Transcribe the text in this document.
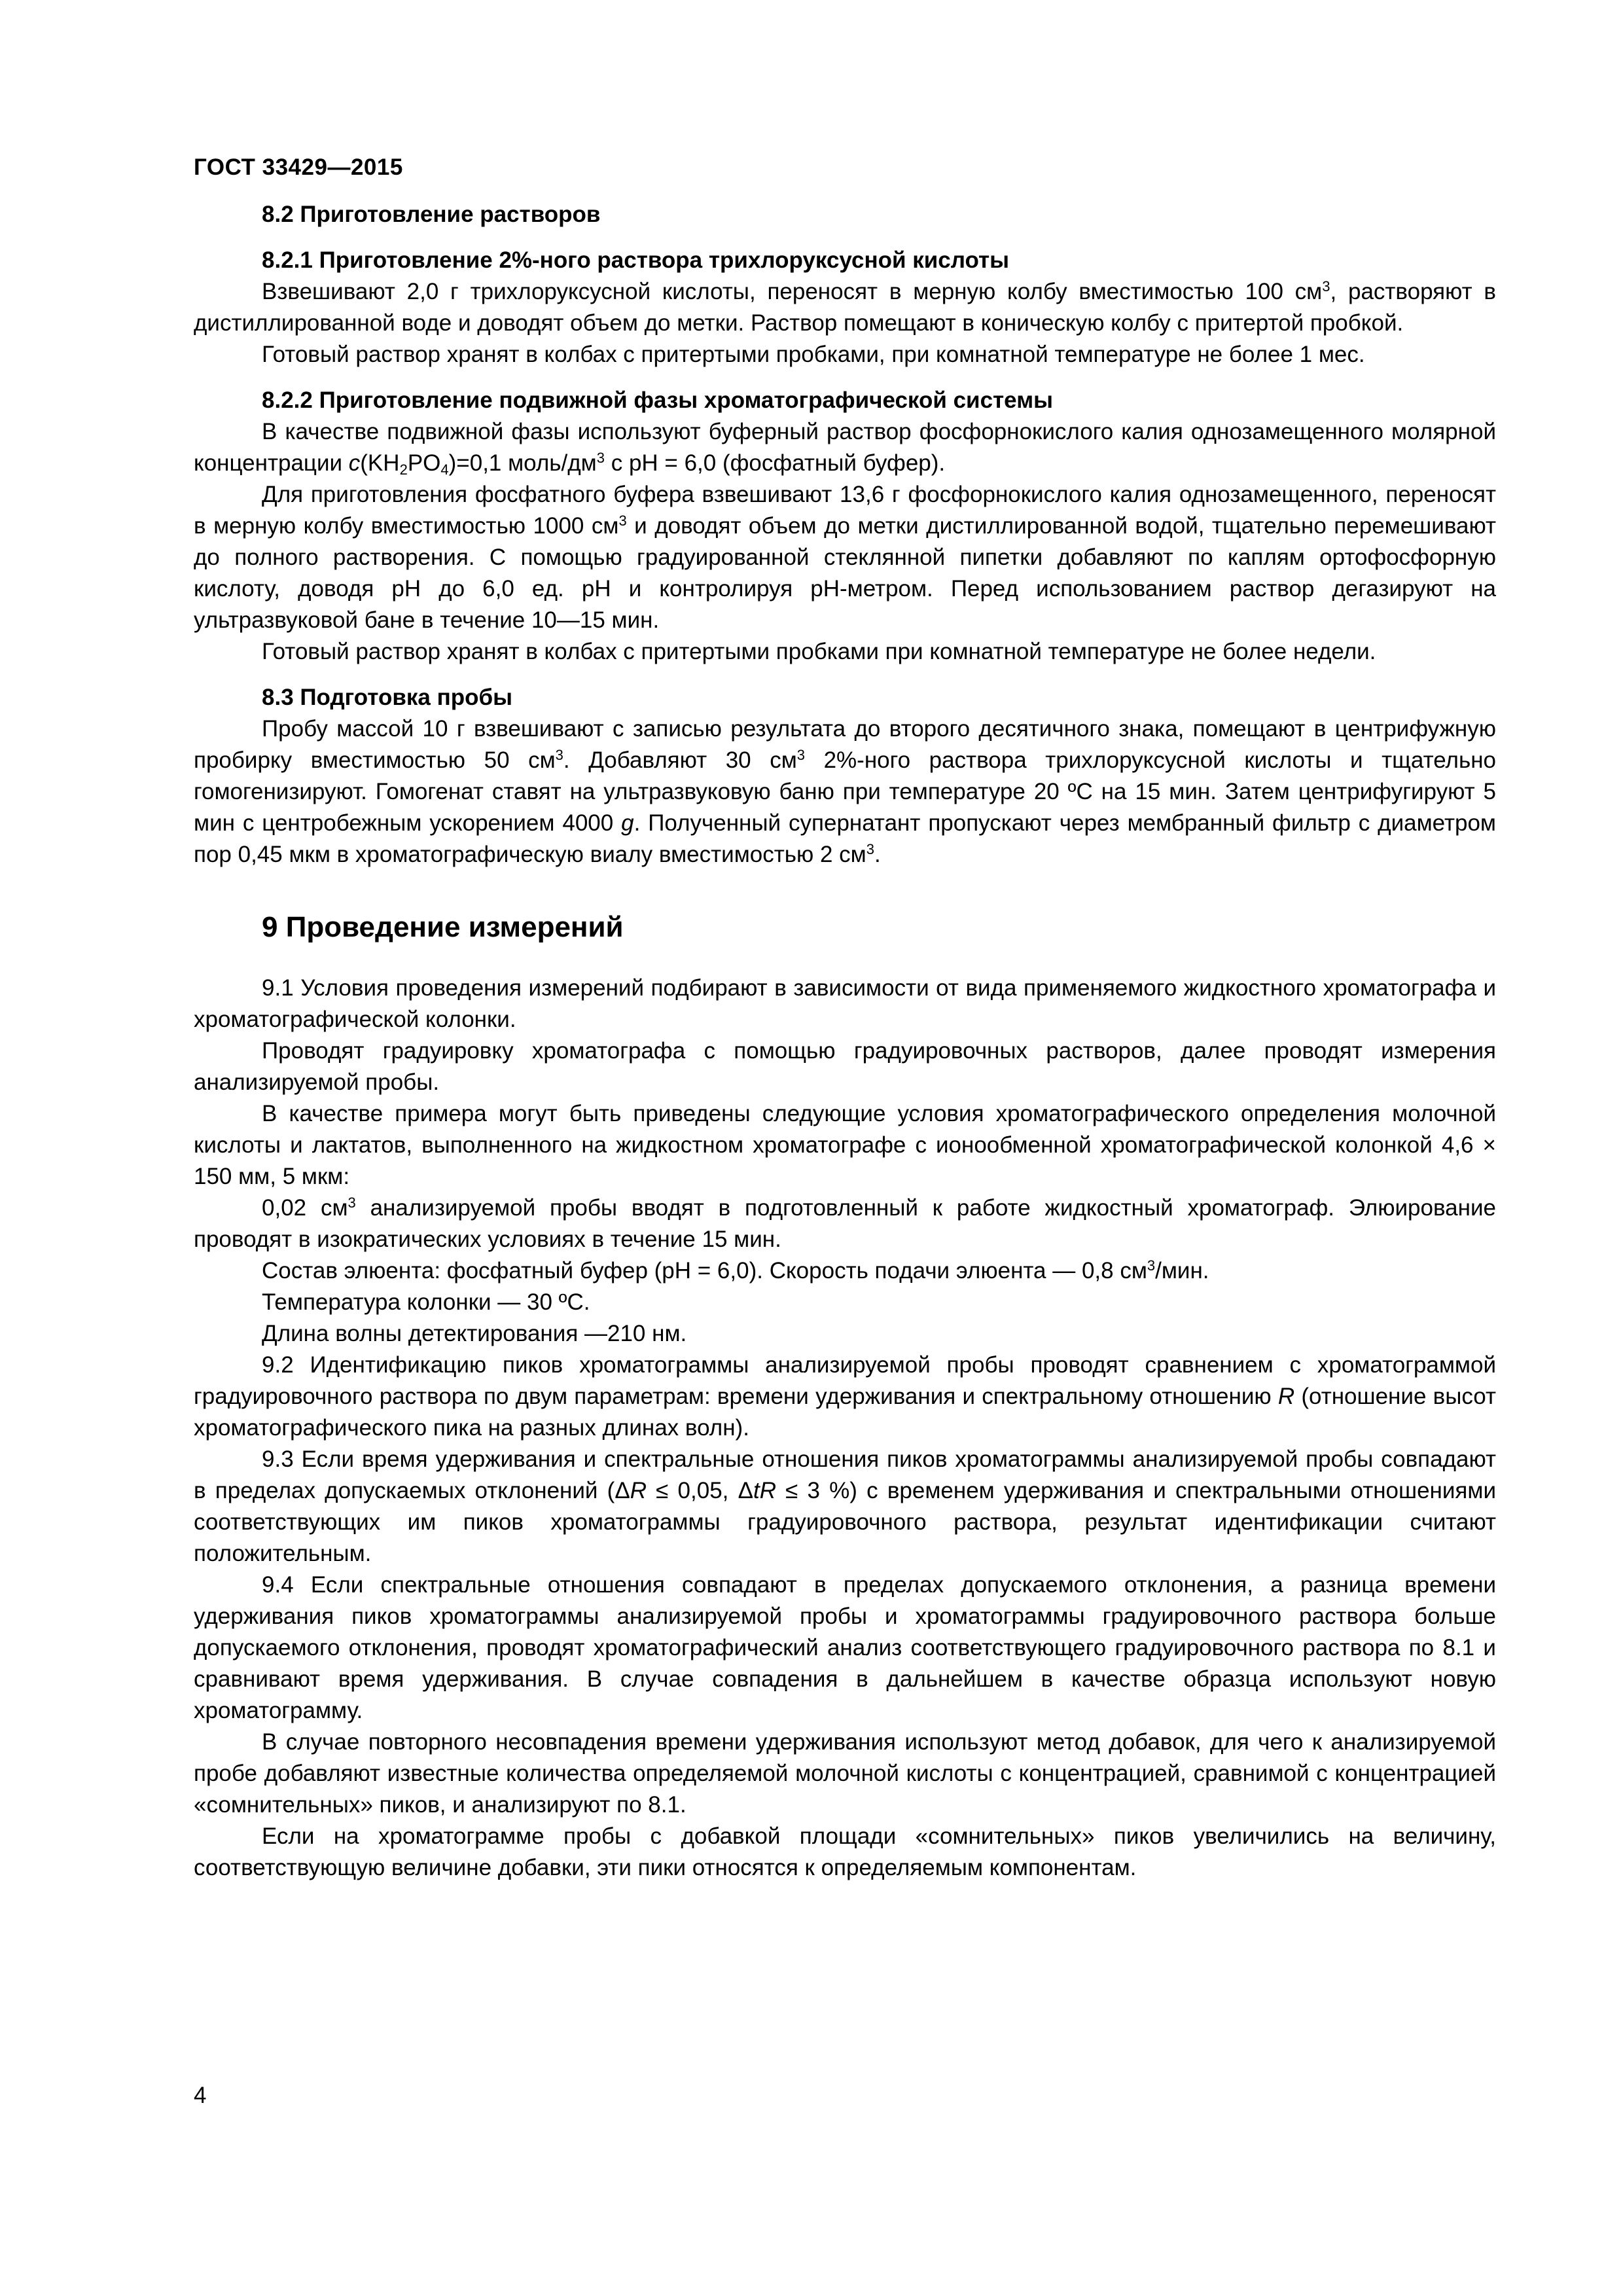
ГОСТ 33429—2015
8.2 Приготовление растворов
8.2.1 Приготовление 2%-ного раствора трихлоруксусной кислоты

Взвешивают 2,0 г трихлоруксусной кислоты, переносят в мерную колбу вместимостью 100 $см^3$, растворяют в дистиллированной воде и доводят объем до метки. Раствор помещают в коническую колбу с притертой пробкой.

Готовый раствор хранят в колбах с притертыми пробками, при комнатной температуре не более 1 мес.

8.2.2 Приготовление подвижной фазы хроматографической системы

В качестве подвижной фазы используют буферный раствор фосфорнокислого калия однозамещенного молярной концентрации $c(KH_2PO_4)=0,1$ моль/$дм^3$ с pH = 6,0 (фосфатный буфер).

Для приготовления фосфатного буфера взвешивают 13,6 г фосфорнокислого калия однозамещенного, переносят в мерную колбу вместимостью 1000 $см^3$ и доводят объем до метки дистиллированной водой, тщательно перемешивают до полного растворения. С помощью градуированной стеклянной пипетки добавляют по каплям ортофосфорную кислоту, доводя pH до 6,0 ед. pH и контролируя pH-метром. Перед использованием раствор дегазируют на ультразвуковой бане в течение 10—15 мин.

Готовый раствор хранят в колбах с притертыми пробками при комнатной температуре не более недели.

8.3 Подготовка пробы

Пробу массой 10 г взвешивают с записью результата до второго десятичного знака, помещают в центрифужную пробирку вместимостью 50 $см^3$. Добавляют 30 $см^3$ 2%-ного раствора трихлоруксусной кислоты и тщательно гомогенизируют. Гомогенат ставят на ультразвуковую баню при температуре 20 ºС на 15 мин. Затем центрифугируют 5 мин с центробежным ускорением 4000 g. Полученный супернатант пропускают через мембранный фильтр с диаметром пор 0,45 мкм в хроматографическую виалу вместимостью 2 $см^3$.

9 Проведение измерений

9.1 Условия проведения измерений подбирают в зависимости от вида применяемого жидкостного хроматографа и хроматографической колонки.

Проводят градуировку хроматографа с помощью градуировочных растворов, далее проводят измерения анализируемой пробы.

В качестве примера могут быть приведены следующие условия хроматографического определения молочной кислоты и лактатов, выполненного на жидкостном хроматографе с ионообменной хроматографической колонкой 4,6 × 150 мм, 5 мкм:

0,02 $см^3$ анализируемой пробы вводят в подготовленный к работе жидкостный хроматограф. Элюирование проводят в изократических условиях в течение 15 мин.

Состав элюента: фосфатный буфер (pH = 6,0). Скорость подачи элюента — 0,8 $см^3$/мин.

Температура колонки — 30 ºС.

Длина волны детектирования —210 нм.

9.2 Идентификацию пиков хроматограммы анализируемой пробы проводят сравнением с хроматограммой градуировочного раствора по двум параметрам: времени удерживания и спектральному отношению R (отношение высот хроматографического пика на разных длинах волн).

9.3 Если время удерживания и спектральные отношения пиков хроматограммы анализируемой пробы совпадают в пределах допускаемых отклонений (ΔR ≤ 0,05, ΔtR ≤ 3 %) с временем удерживания и спектральными отношениями соответствующих им пиков хроматограммы градуировочного раствора, результат идентификации считают положительным.

9.4 Если спектральные отношения совпадают в пределах допускаемого отклонения, а разница времени удерживания пиков хроматограммы анализируемой пробы и хроматограммы градуировочного раствора больше допускаемого отклонения, проводят хроматографический анализ соответствующего градуировочного раствора по 8.1 и сравнивают время удерживания. В случае совпадения в дальнейшем в качестве образца используют новую хроматограмму.

В случае повторного несовпадения времени удерживания используют метод добавок, для чего к анализируемой пробе добавляют известные количества определяемой молочной кислоты с концентрацией, сравнимой с концентрацией «сомнительных» пиков, и анализируют по 8.1.

Если на хроматограмме пробы с добавкой площади «сомнительных» пиков увеличились на величину, соответствующую величине добавки, эти пики относятся к определяемым компонентам.

4
